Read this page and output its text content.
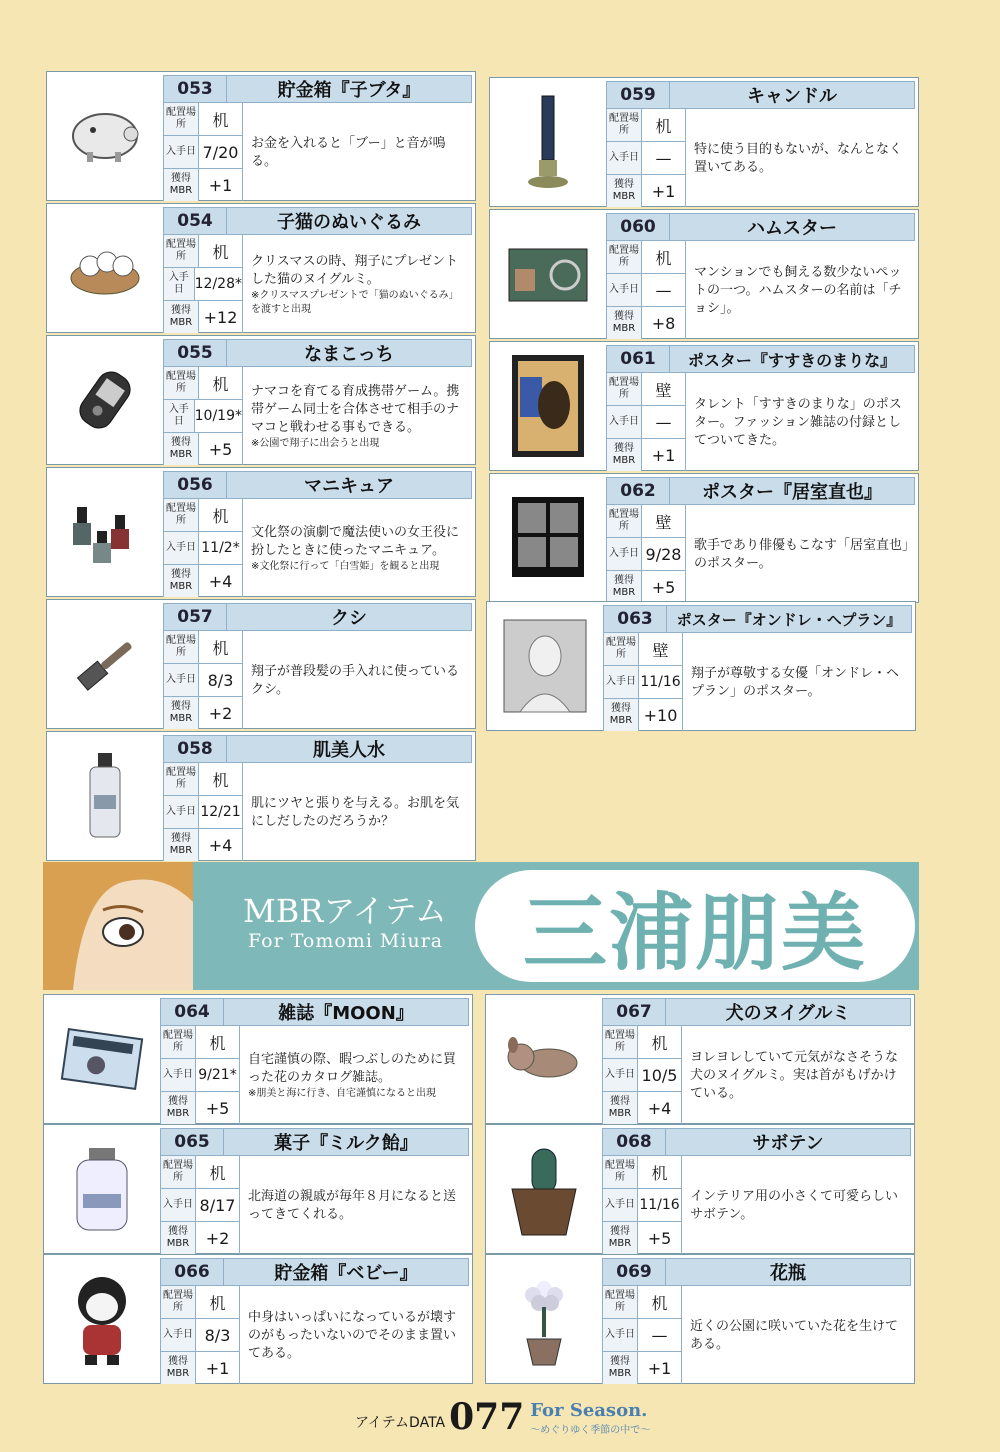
053	貯金箱『子ブタ』
配置場所	机
入手日 7/20
獲得MBR	+1
お金を入れると「ブー」と音が鳴る。
054	子猫のぬいぐるみ
配置場所	机
入手日 12/28*
獲得MBR +12
クリスマスの時、翔子にプレゼントした猫のヌイグルミ。
※クリスマスプレゼントで「猫のぬいぐるみ」を渡すと出現
055	なまこっち
配置場所	机
入手日 10/19*
獲得MBR	+5
ナマコを育てる育成携帯ゲーム。携帯ゲーム同士を合体させて相手のナマコと戦わせる事もできる。
※公園で翔子に出会うと出現
056	マニキュア
配置場所	机
入手日 11/2*
獲得MBR	+4
文化祭の演劇で魔法使いの女王役に扮したときに使ったマニキュア。
※文化祭に行って「白雪姫」を観ると出現
057	クシ
配置場所	机
入手日 8/3
獲得MBR	+2
翔子が普段髪の手入れに使っているクシ。
058	肌美人水
配置場所	机
入手日 12/21
獲得MBR	+4
肌にツヤと張りを与える。お肌を気にしだしたのだろうか？
059	キャンドル
配置場所	机
入手日	—
獲得MBR	+1
特に使う目的もないが、なんとなく置いてある。
060	ハムスター
配置場所	机
入手日	—
獲得MBR	+8
マンションでも飼える数少ないペットの一つ。ハムスターの名前は「チョシ」。
061	ポスター『すすきのまりな』
配置場所	壁
入手日	—
獲得MBR	+1
タレント「すすきのまりな」のポスター。ファッション雑誌の付録としてついてきた。
062	ポスター『居室直也』
配置場所	壁
入手日 9/28
獲得MBR	+5
歌手であり俳優もこなす「居室直也」のポスター。
063	ポスター『オンドレ・ヘプラン』
配置場所	壁
入手日 11/16
獲得MBR +10
翔子が尊敬する女優「オンドレ・ヘプラン」のポスター。
MBRアイテム
For Tomomi Miura 三浦朋美
064	雑誌『MOON』
配置場所	机
入手日 9/21*
獲得MBR	+5
自宅謹慎の際、暇つぶしのために買った花のカタログ雑誌。
※朋美と海に行き、自宅謹慎になると出現
065	菓子『ミルク飴』
配置場所	机
入手日 8/17
獲得MBR	+2
北海道の親戚が毎年８月になると送ってきてくれる。
066	貯金箱『ベビー』
配置場所	机
入手日 8/3
獲得MBR	+1
中身はいっぱいになっているが壊すのがもったいないのでそのまま置いてある。
067	犬のヌイグルミ
配置場所	机
入手日 10/5
獲得MBR	+4
ヨレヨレしていて元気がなさそうな犬のヌイグルミ。実は首がもげかけている。
068	サボテン
配置場所	机
入手日 11/16
獲得MBR	+5
インテリア用の小さくて可愛らしいサボテン。
069	花瓶
配置場所	机
入手日	—
獲得MBR	+1
近くの公園に咲いていた花を生けてある。
アイテムDATA 077 For Season.
〜めぐりゆく季節の中で〜
